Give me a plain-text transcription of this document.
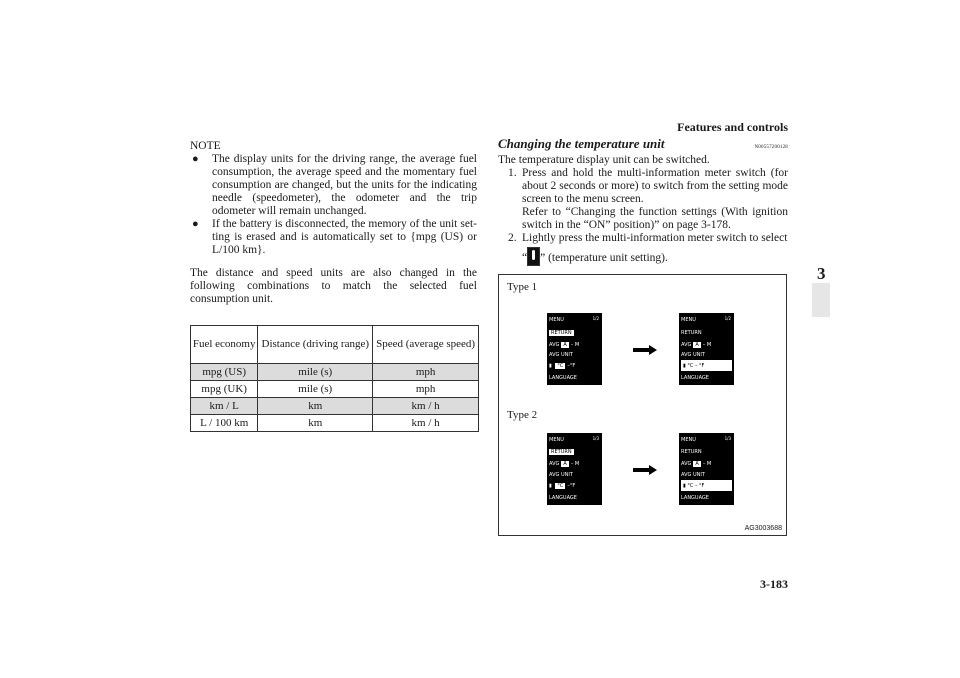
Features and controls
3
NOTE
● The display units for the driving range, the average fuel consumption, the average speed and the momentary fuel consumption are changed, but the units for the indicating needle (speedometer), the odometer and the trip odometer will remain unchanged.
● If the battery is disconnected, the memory of the unit set-ting is erased and is automatically set to {mpg (US) or L/100 km}.
The distance and speed units are also changed in the following combinations to match the selected fuel consumption unit.
Fuel economy	Distance (driving range)	Speed (average speed)
mpg (US)	mile (s)	mph
mpg (UK)	mile (s)	mph
km / L	km	km / h
L / 100 km	km	km / h
Changing the temperature unit	N00557200128
The temperature display unit can be switched.
1. Press and hold the multi-information meter switch (for about 2 seconds or more) to switch from the setting mode screen to the menu screen.
Refer to “Changing the function settings (With ignition switch in the “ON” position)” on page 3-178.
2. Lightly press the multi-information meter switch to select
“ ” (temperature unit setting).
Type 1
Type 2
MENU	1/2
RETURN
AVG A –
M
AVG UNIT
▮
	°C – °F
LANGUAGE
MENU	1/2
RETURN
AVG A –
M
AVG UNIT
▮
°C
–
°F
LANGUAGE
MENU	1/3
RETURN
AVG A –
M
AVG UNIT
▮
	°C – °F
LANGUAGE
MENU	1/3
RETURN
AVG A –
M
AVG UNIT
▮
°C
–
°F
LANGUAGE
AG3003688
3-183
